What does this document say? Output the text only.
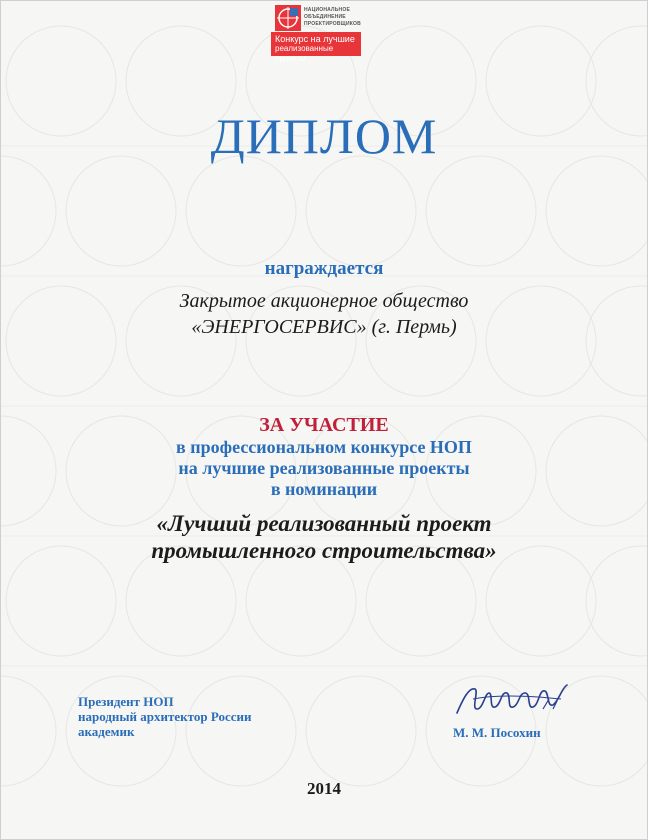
НАЦИОНАЛЬНОЕ
ОБЪЕДИНЕНИЕ
ПРОЕКТИРОВЩИКОВ
Конкурс на лучшие
реализованные проекты
ДИПЛОМ
награждается
Закрытое акционерное общество
«ЭНЕРГОСЕРВИС» (г. Пермь)
ЗА УЧАСТИЕ
в профессиональном конкурсе НОП
на лучшие реализованные проекты
в номинации
«Лучший реализованный проект
промышленного строительства»
Президент НОП
народный архитектор России
академик	М. М. Посохин
2014
